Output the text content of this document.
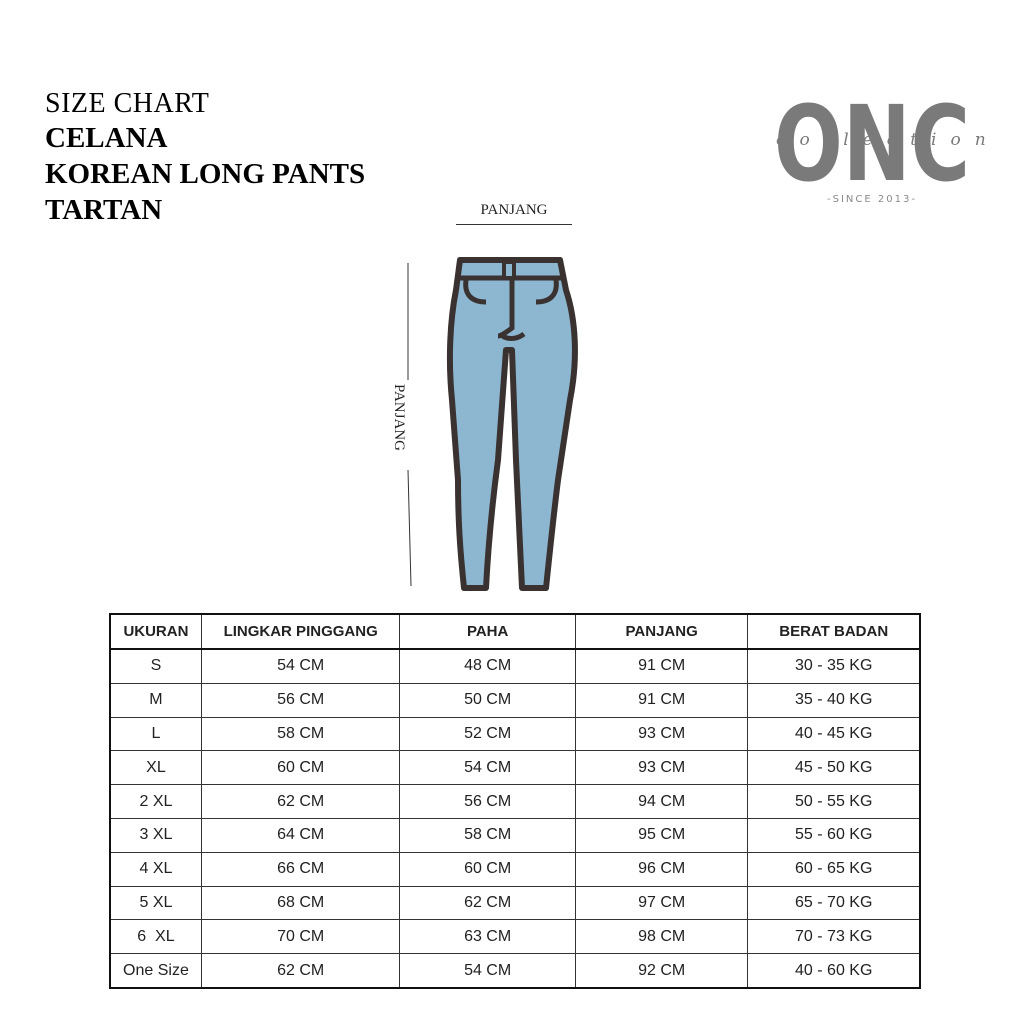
SIZE CHART
CELANA
KOREAN LONG PANTS
TARTAN
ONC
collection
-SINCE 2013-
PANJANG
PANJANG
UKURAN	LINGKAR PINGGANG	PAHA	PANJANG	BERAT BADAN
S	54 CM	48 CM	91 CM	30 - 35 KG
M	56 CM	50 CM	91 CM	35 - 40 KG
L	58 CM	52 CM	93 CM	40 - 45 KG
XL	60 CM	54 CM	93 CM	45 - 50 KG
2 XL	62 CM	56 CM	94 CM	50 - 55 KG
3 XL	64 CM	58 CM	95 CM	55 - 60 KG
4 XL	66 CM	60 CM	96 CM	60 - 65 KG
5 XL	68 CM	62 CM	97 CM	65 - 70 KG
6  XL	70 CM	63 CM	98 CM	70 - 73 KG
One Size	62 CM	54 CM	92 CM	40 - 60 KG
